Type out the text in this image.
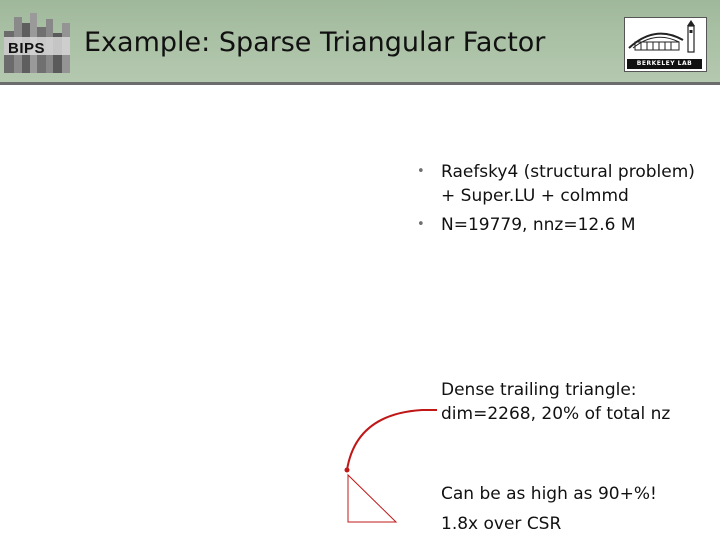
BIPS Example: Sparse Triangular Factor
BERKELEY LAB
• Raefsky4 (structural problem) + Super.LU + colmmd
• N=19779, nnz=12.6 M
Dense trailing triangle: dim=2268, 20% of total nz
Can be as high as 90+%!
1.8x over CSR
